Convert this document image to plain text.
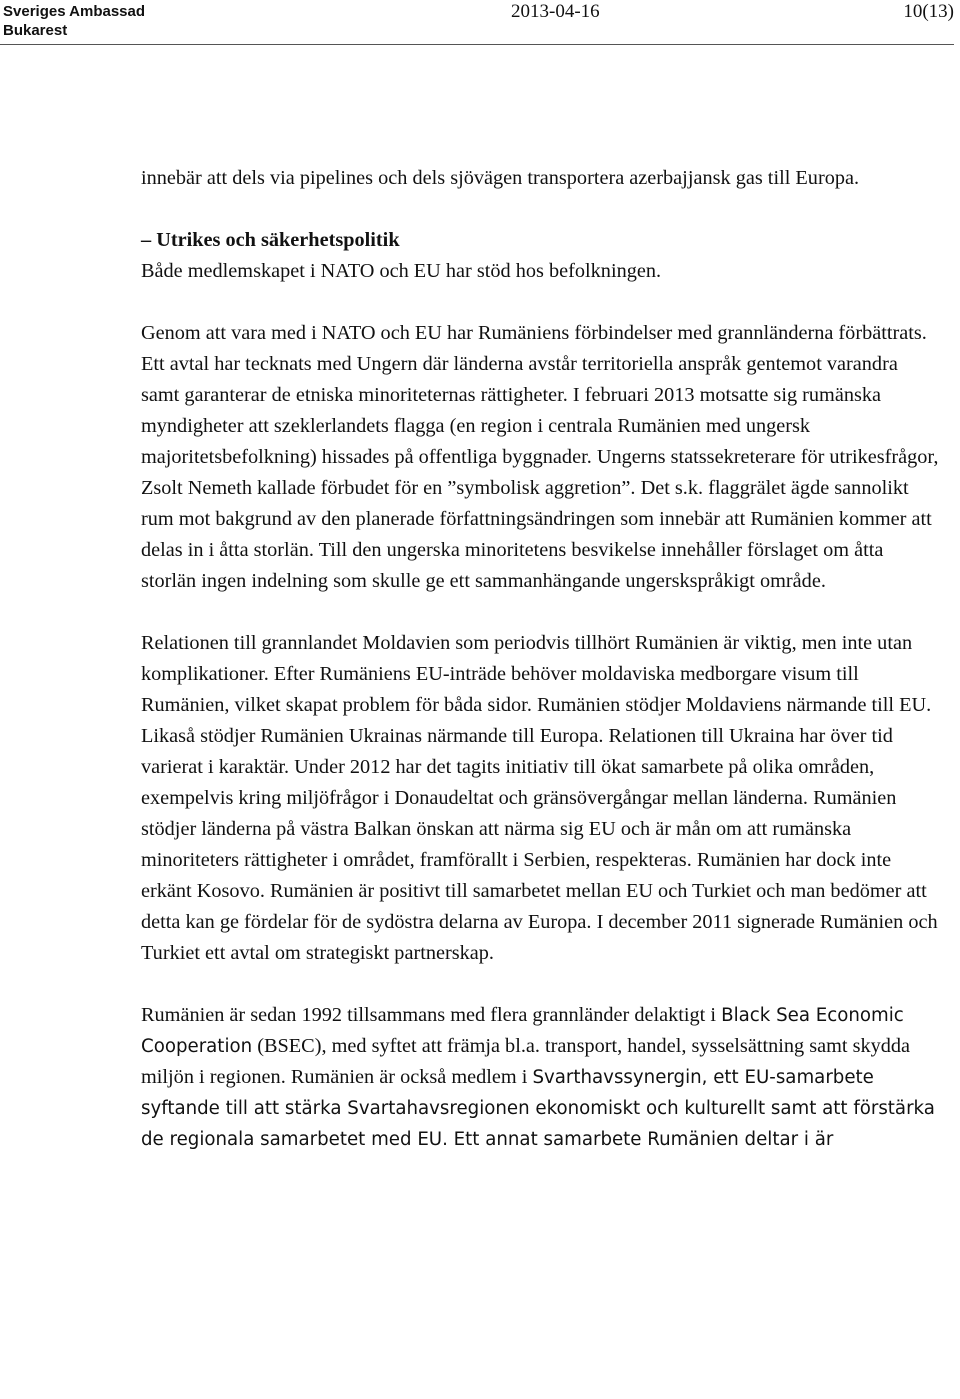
Sveriges Ambassad
Bukarest
2013-04-16	10(13)

innebär att dels via pipelines och dels sjövägen transportera azerbajjansk gas till Europa.

– Utrikes och säkerhetspolitik

Både medlemskapet i NATO och EU har stöd hos befolkningen.

Genom att vara med i NATO och EU har Rumäniens förbindelser med grannländerna förbättrats. Ett avtal har tecknats med Ungern där länderna avstår territoriella anspråk gentemot varandra samt garanterar de etniska minoriteternas rättigheter. I februari 2013 motsatte sig rumänska myndigheter att szeklerlandets flagga (en region i centrala Rumänien med ungersk majoritetsbefolkning) hissades på offentliga byggnader. Ungerns statssekreterare för utrikesfrågor, Zsolt Nemeth kallade förbudet för en ”symbolisk aggretion”. Det s.k. flaggrälet ägde sannolikt rum mot bakgrund av den planerade författningsändringen som innebär att Rumänien kommer att delas in i åtta storlän. Till den ungerska minoritetens besvikelse innehåller förslaget om åtta storlän ingen indelning som skulle ge ett sammanhängande ungerskspråkigt område.

Relationen till grannlandet Moldavien som periodvis tillhört Rumänien är viktig, men inte utan komplikationer. Efter Rumäniens EU-inträde behöver moldaviska medborgare visum till Rumänien, vilket skapat problem för båda sidor. Rumänien stödjer Moldaviens närmande till EU. Likaså stödjer Rumänien Ukrainas närmande till Europa. Relationen till Ukraina har över tid varierat i karaktär. Under 2012 har det tagits initiativ till ökat samarbete på olika områden, exempelvis kring miljöfrågor i Donaudeltat och gränsövergångar mellan länderna. Rumänien stödjer länderna på västra Balkan önskan att närma sig EU och är mån om att rumänska minoriteters rättigheter i området, framförallt i Serbien, respekteras. Rumänien har dock inte erkänt Kosovo. Rumänien är positivt till samarbetet mellan EU och Turkiet och man bedömer att detta kan ge fördelar för de sydöstra delarna av Europa. I december 2011 signerade Rumänien och Turkiet ett avtal om strategiskt partnerskap.

Rumänien är sedan 1992 tillsammans med flera grannländer delaktigt i Black Sea Economic Cooperation (BSEC), med syftet att främja bl.a. transport, handel, sysselsättning samt skydda miljön i regionen. Rumänien är också medlem i Svarthavssynergin, ett EU-samarbete syftande till att stärka Svartahavsregionen ekonomiskt och kulturellt samt att förstärka de regionala samarbetet med EU. Ett annat samarbete Rumänien deltar i är
